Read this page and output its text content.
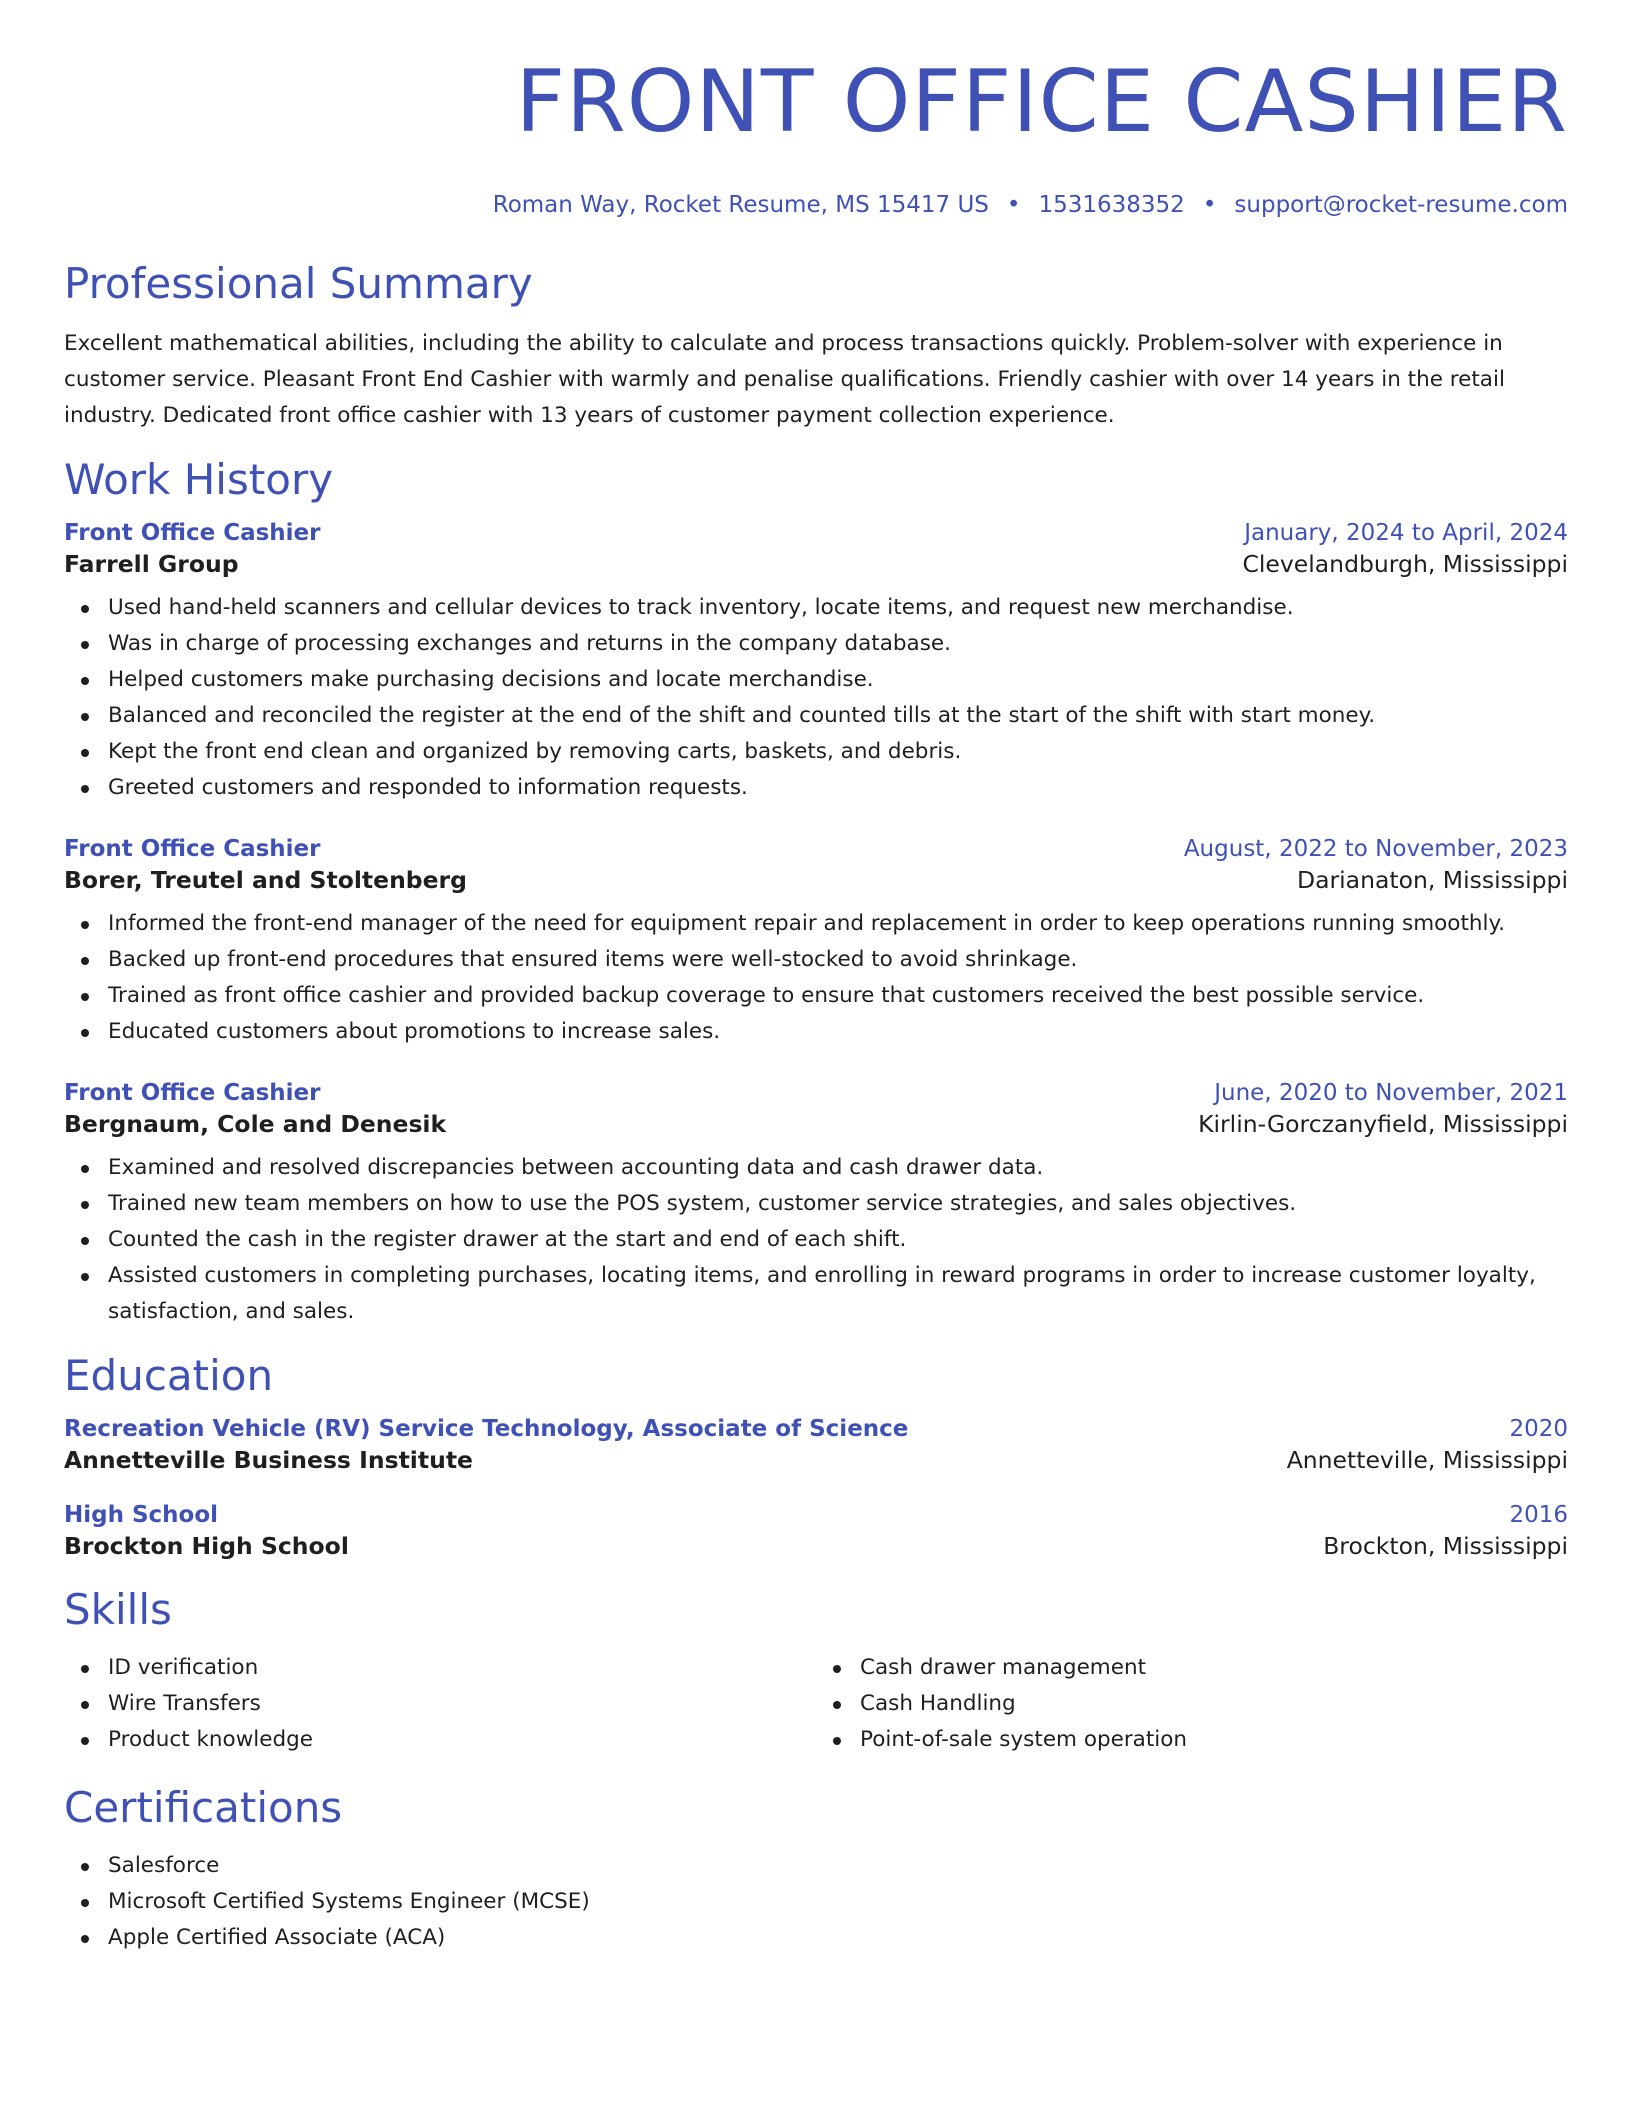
FRONT OFFICE CASHIER
Roman Way, Rocket Resume, MS 15417 US • 1531638352 • support@rocket-resume.com
Professional Summary
Excellent mathematical abilities, including the ability to calculate and process transactions quickly. Problem-solver with experience in customer service. Pleasant Front End Cashier with warmly and penalise qualifications. Friendly cashier with over 14 years in the retail industry. Dedicated front office cashier with 13 years of customer payment collection experience.
Work History
Front Office Cashier	January, 2024 to April, 2024
Farrell Group	Clevelandburgh, Mississippi
Used hand-held scanners and cellular devices to track inventory, locate items, and request new merchandise.
Was in charge of processing exchanges and returns in the company database.
Helped customers make purchasing decisions and locate merchandise.
Balanced and reconciled the register at the end of the shift and counted tills at the start of the shift with start money.
Kept the front end clean and organized by removing carts, baskets, and debris.
Greeted customers and responded to information requests.
Front Office Cashier	August, 2022 to November, 2023
Borer, Treutel and Stoltenberg	Darianaton, Mississippi
Informed the front-end manager of the need for equipment repair and replacement in order to keep operations running smoothly.
Backed up front-end procedures that ensured items were well-stocked to avoid shrinkage.
Trained as front office cashier and provided backup coverage to ensure that customers received the best possible service.
Educated customers about promotions to increase sales.
Front Office Cashier	June, 2020 to November, 2021
Bergnaum, Cole and Denesik	Kirlin-Gorczanyfield, Mississippi
Examined and resolved discrepancies between accounting data and cash drawer data.
Trained new team members on how to use the POS system, customer service strategies, and sales objectives.
Counted the cash in the register drawer at the start and end of each shift.
Assisted customers in completing purchases, locating items, and enrolling in reward programs in order to increase customer loyalty, satisfaction, and sales.
Education
Recreation Vehicle (RV) Service Technology, Associate of Science	2020
Annetteville Business Institute	Annetteville, Mississippi
High School	2016
Brockton High School	Brockton, Mississippi
Skills
ID verification
Wire Transfers
Product knowledge
Cash drawer management
Cash Handling
Point-of-sale system operation
Certifications
Salesforce
Microsoft Certified Systems Engineer (MCSE)
Apple Certified Associate (ACA)
